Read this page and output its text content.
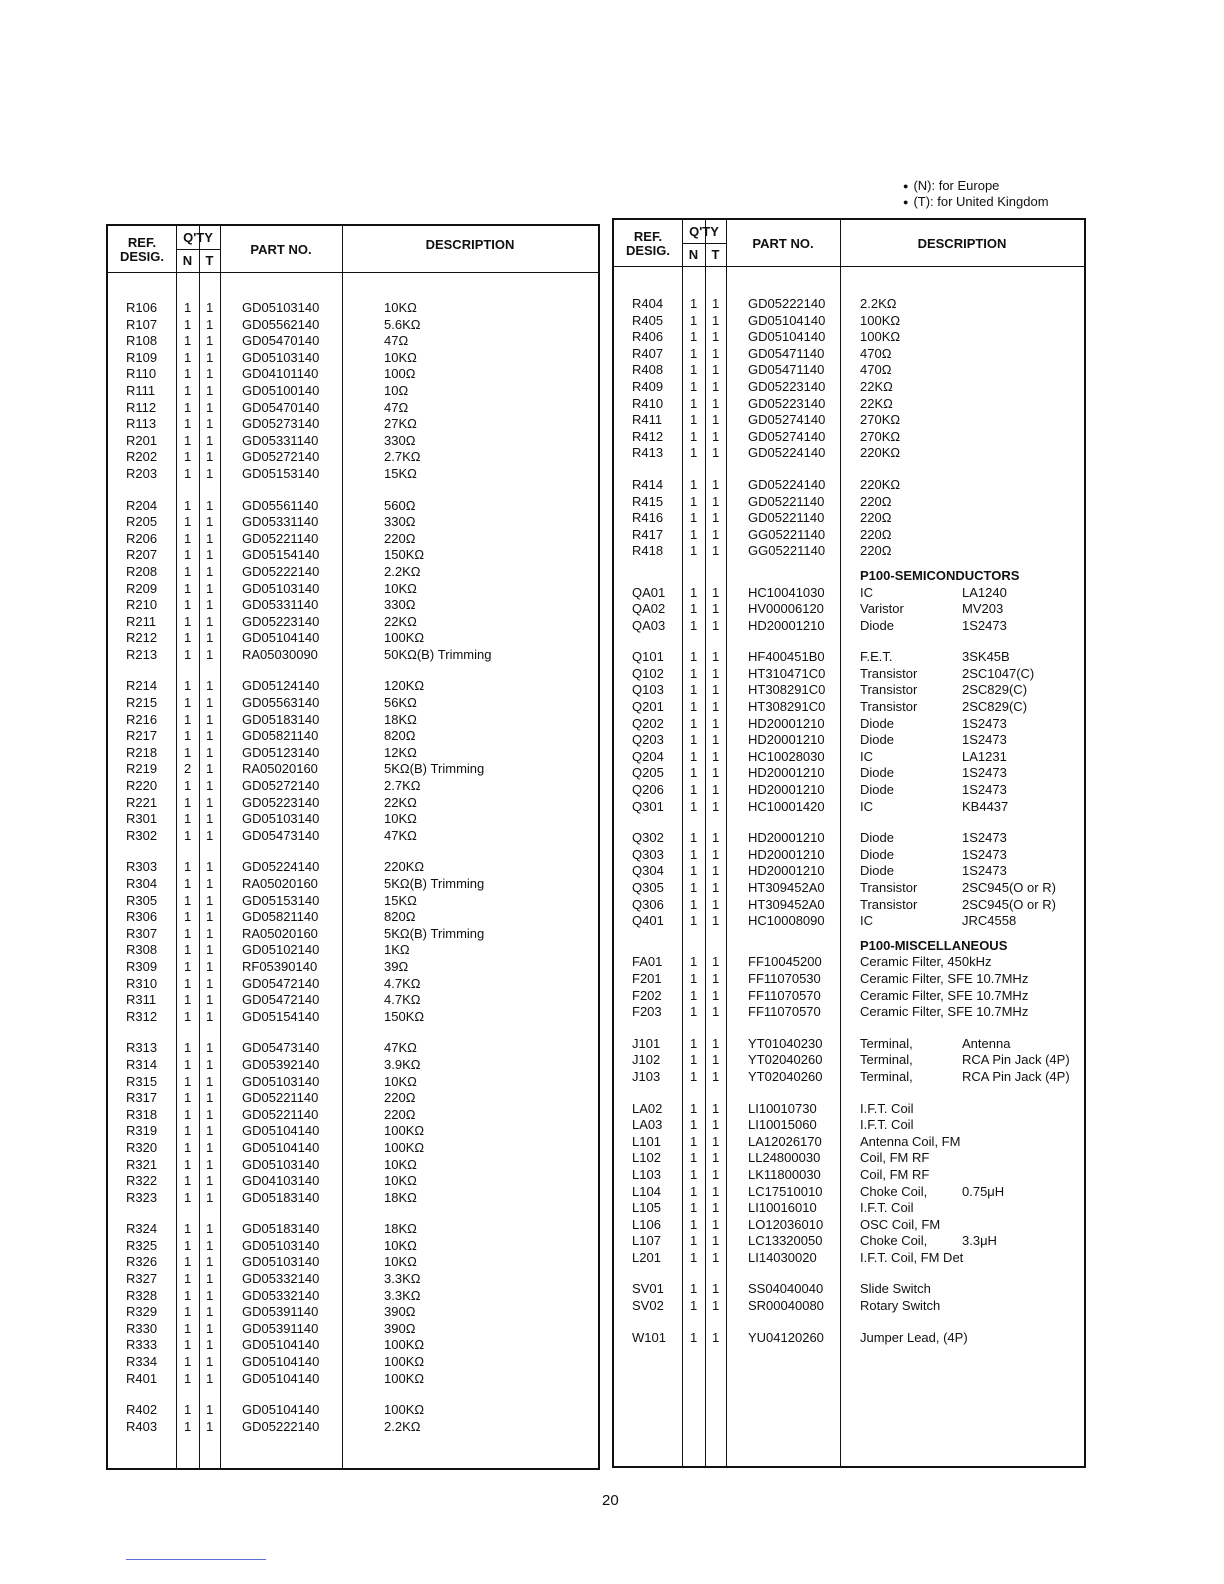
● (N): for Europe
● (T): for United Kingdom
REF.
DESIG.
Q'TY
N	T
PART NO.	DESCRIPTION
R106 1 1 GD05103140	10KΩ
R107 1 1 GD05562140	5.6KΩ
R108 1 1 GD05470140	47Ω
R109 1 1 GD05103140	10KΩ
R110 1 1 GD04101140	100Ω
R111 1 1 GD05100140	10Ω
R112 1 1 GD05470140	47Ω
R113 1 1 GD05273140	27KΩ
R201 1 1 GD05331140	330Ω
R202 1 1 GD05272140	2.7KΩ
R203 1 1 GD05153140	15KΩ
R204 1 1 GD05561140	560Ω
R205 1 1 GD05331140	330Ω
R206 1 1 GD05221140	220Ω
R207 1 1 GD05154140	150KΩ
R208 1 1 GD05222140	2.2KΩ
R209 1 1 GD05103140	10KΩ
R210 1 1 GD05331140	330Ω
R211 1 1 GD05223140	22KΩ
R212 1 1 GD05104140	100KΩ
R213 1 1 RA05030090	50KΩ(B) Trimming
R214 1 1 GD05124140	120KΩ
R215 1 1 GD05563140	56KΩ
R216 1 1 GD05183140	18KΩ
R217 1 1 GD05821140	820Ω
R218 1 1 GD05123140	12KΩ
R219 2 1 RA05020160	5KΩ(B) Trimming
R220 1 1 GD05272140	2.7KΩ
R221 1 1 GD05223140	22KΩ
R301 1 1 GD05103140	10KΩ
R302 1 1 GD05473140	47KΩ
R303 1 1 GD05224140	220KΩ
R304 1 1 RA05020160	5KΩ(B) Trimming
R305 1 1 GD05153140	15KΩ
R306 1 1 GD05821140	820Ω
R307 1 1 RA05020160	5KΩ(B) Trimming
R308 1 1 GD05102140	1KΩ
R309 1 1 RF05390140	39Ω
R310 1 1 GD05472140	4.7KΩ
R311 1 1 GD05472140	4.7KΩ
R312 1 1 GD05154140	150KΩ
R313 1 1 GD05473140	47KΩ
R314 1 1 GD05392140	3.9KΩ
R315 1 1 GD05103140	10KΩ
R317 1 1 GD05221140	220Ω
R318 1 1 GD05221140	220Ω
R319 1 1 GD05104140	100KΩ
R320 1 1 GD05104140	100KΩ
R321 1 1 GD05103140	10KΩ
R322 1 1 GD04103140	10KΩ
R323 1 1 GD05183140	18KΩ
R324 1 1 GD05183140	18KΩ
R325 1 1 GD05103140	10KΩ
R326 1 1 GD05103140	10KΩ
R327 1 1 GD05332140	3.3KΩ
R328 1 1 GD05332140	3.3KΩ
R329 1 1 GD05391140	390Ω
R330 1 1 GD05391140	390Ω
R333 1 1 GD05104140	100KΩ
R334 1 1 GD05104140	100KΩ
R401 1 1 GD05104140	100KΩ
R402 1 1 GD05104140	100KΩ
R403 1 1 GD05222140	2.2KΩ
REF.
DESIG.
Q'TY
N	T
PART NO.	DESCRIPTION
R404 1 1 GD05222140	2.2KΩ
R405 1 1 GD05104140	100KΩ
R406 1 1 GD05104140	100KΩ
R407 1 1 GD05471140	470Ω
R408 1 1 GD05471140	470Ω
R409 1 1 GD05223140	22KΩ
R410 1 1 GD05223140	22KΩ
R411 1 1 GD05274140	270KΩ
R412 1 1 GD05274140	270KΩ
R413 1 1 GD05224140	220KΩ
R414 1 1 GD05224140	220KΩ
R415 1 1 GD05221140	220Ω
R416 1 1 GD05221140	220Ω
R417 1 1 GG05221140	220Ω
R418 1 1 GG05221140	220Ω
P100-SEMICONDUCTORS
QA01 1 1 HC10041030	IC	LA1240
QA02 1 1 HV00006120	Varistor	MV203
QA03 1 1 HD20001210	Diode	1S2473
Q101 1 1 HF400451B0	F.E.T.	3SK45B
Q102 1 1 HT310471C0	Transistor	2SC1047(C)
Q103 1 1 HT308291C0	Transistor	2SC829(C)
Q201 1 1 HT308291C0	Transistor	2SC829(C)
Q202 1 1 HD20001210	Diode	1S2473
Q203 1 1 HD20001210	Diode	1S2473
Q204 1 1 HC10028030	IC	LA1231
Q205 1 1 HD20001210	Diode	1S2473
Q206 1 1 HD20001210	Diode	1S2473
Q301 1 1 HC10001420	IC	KB4437
Q302 1 1 HD20001210	Diode	1S2473
Q303 1 1 HD20001210	Diode	1S2473
Q304 1 1 HD20001210	Diode	1S2473
Q305 1 1 HT309452A0	Transistor	2SC945(O or R)
Q306 1 1 HT309452A0	Transistor	2SC945(O or R)
Q401 1 1 HC10008090	IC	JRC4558
P100-MISCELLANEOUS
FA01 1 1 FF10045200	Ceramic Filter, 450kHz
F201 1 1 FF11070530	Ceramic Filter, SFE 10.7MHz
F202 1 1 FF11070570	Ceramic Filter, SFE 10.7MHz
F203 1 1 FF11070570	Ceramic Filter, SFE 10.7MHz
J101 1 1 YT01040230	Terminal,	Antenna
J102 1 1 YT02040260	Terminal,	RCA Pin Jack (4P)
J103 1 1 YT02040260	Terminal,	RCA Pin Jack (4P)
LA02 1 1 LI10010730	I.F.T. Coil
LA03 1 1 LI10015060	I.F.T. Coil
L101 1 1 LA12026170	Antenna Coil, FM
L102 1 1 LL24800030	Coil, FM RF
L103 1 1 LK11800030	Coil, FM RF
L104 1 1 LC17510010	Choke Coil,	0.75μH
L105 1 1 LI10016010	I.F.T. Coil
L106 1 1 LO12036010	OSC Coil, FM
L107 1 1 LC13320050	Choke Coil,	3.3μH
L201 1 1 LI14030020	I.F.T. Coil, FM Det
SV01 1 1 SS04040040	Slide Switch
SV02 1 1 SR00040080	Rotary Switch
W101 1 1 YU04120260	Jumper Lead, (4P)
20
